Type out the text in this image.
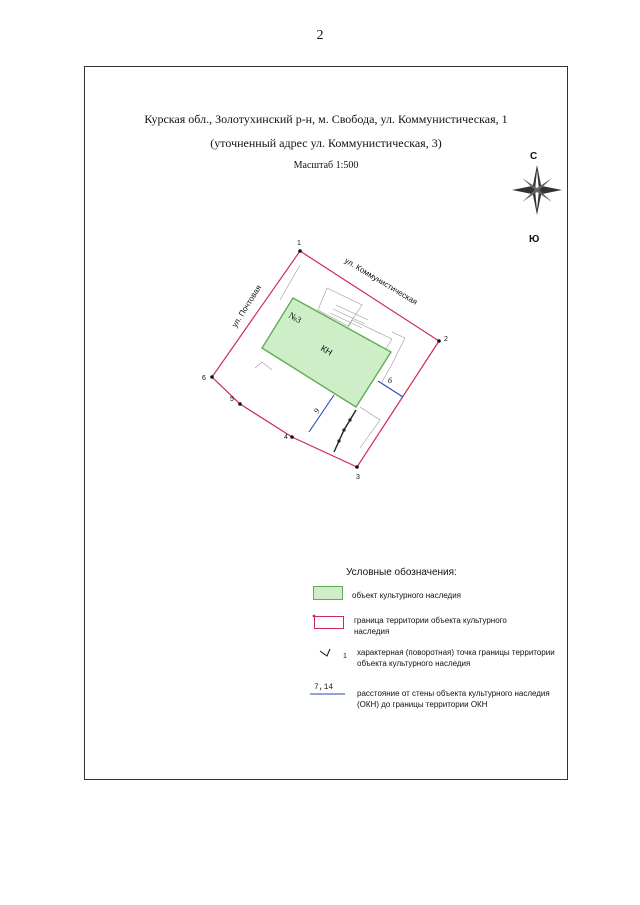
2
Курская обл., Золотухинский р-н, м. Свобода, ул. Коммунистическая, 1
(уточненный адрес ул. Коммунистическая, 3)
Масштаб 1:500
С
Ю
1
2
3
4
5
6
ул. Коммунистическая
ул. Почтовая	№3
КН
6
9
1
Условные обозначения:
объект культурного наследия
граница территории объекта культурного наследия
характерная (поворотная) точка границы территории объекта культурного наследия
7,14
расстояние от стены объекта культурного наследия (ОКН) до границы территории ОКН
